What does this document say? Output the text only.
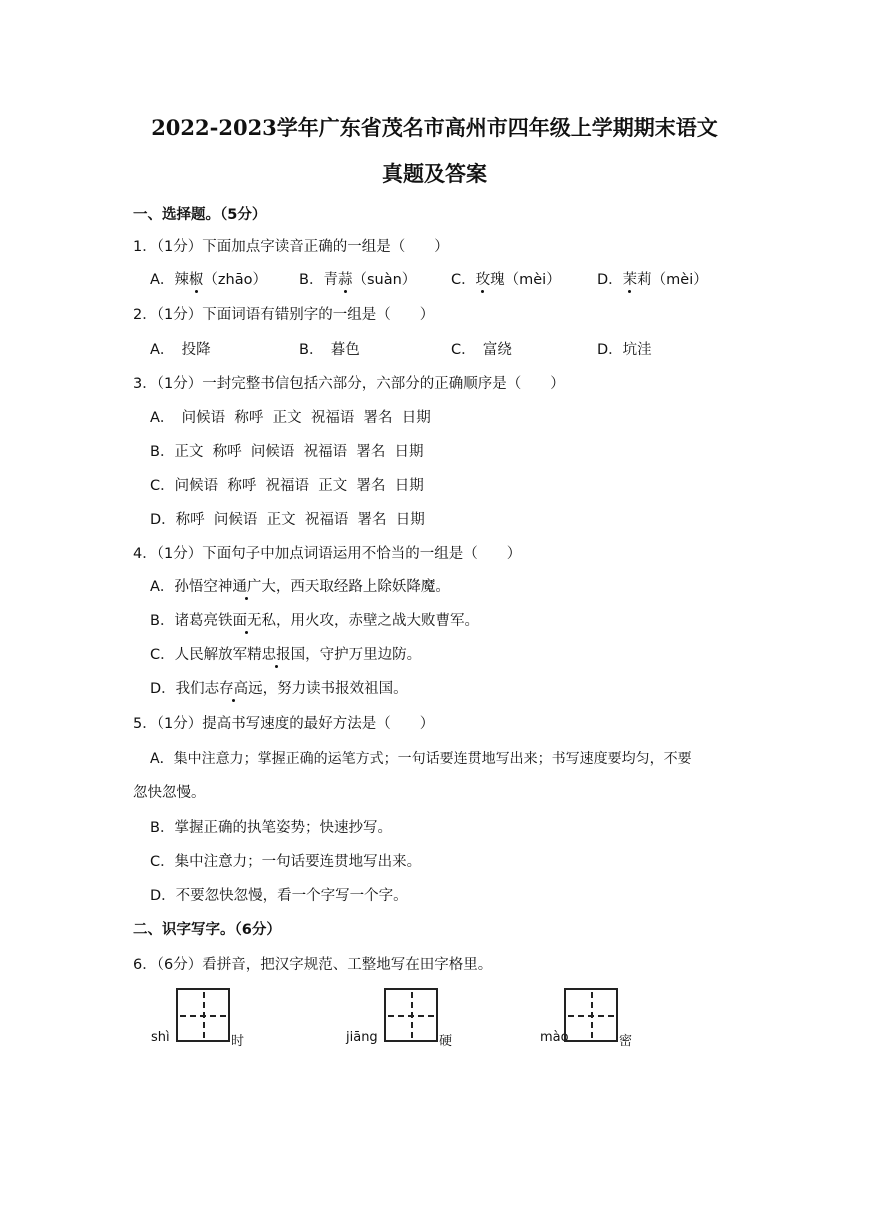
2022-2023学年广东省茂名市高州市四年级上学期期末语文
真题及答案
一、选择题。（5分）
1．（1分）下面加点字读音正确的一组是（　　）
A．辣椒（zhāo） B．青蒜（suàn） C．玫瑰（mèi）	D．茉莉（mèi）
2．（1分）下面词语有错别字的一组是（　　）
A．　投降	B．　暮色	C．　富绕	D．坑洼
3．（1分）一封完整书信包括六部分，六部分的正确顺序是（　　）
A．　问候语  称呼  正文  祝福语  署名  日期
B．正文  称呼  问候语  祝福语  署名  日期
C．问候语  称呼  祝福语  正文  署名  日期
D．称呼  问候语  正文  祝福语  署名  日期
4．（1分）下面句子中加点词语运用不恰当的一组是（　　）
A．孙悟空神通广大，西天取经路上除妖降魔。
B．诸葛亮铁面无私，用火攻，赤壁之战大败曹军。
C．人民解放军精忠报国，守护万里边防。
D．我们志存高远，努力读书报效祖国。
5．（1分）提高书写速度的最好方法是（　　）
A．集中注意力；掌握正确的运笔方式；一句话要连贯地写出来；书写速度要均匀，不要
忽快忽慢。
B．掌握正确的执笔姿势；快速抄写。
C．集中注意力；一句话要连贯地写出来。
D．不要忽快忽慢，看一个字写一个字。
二、识字写字。（6分）
6．（6分）看拼音，把汉字规范、工整地写在田字格里。
shì	时	jiāng	硬	mào	密
